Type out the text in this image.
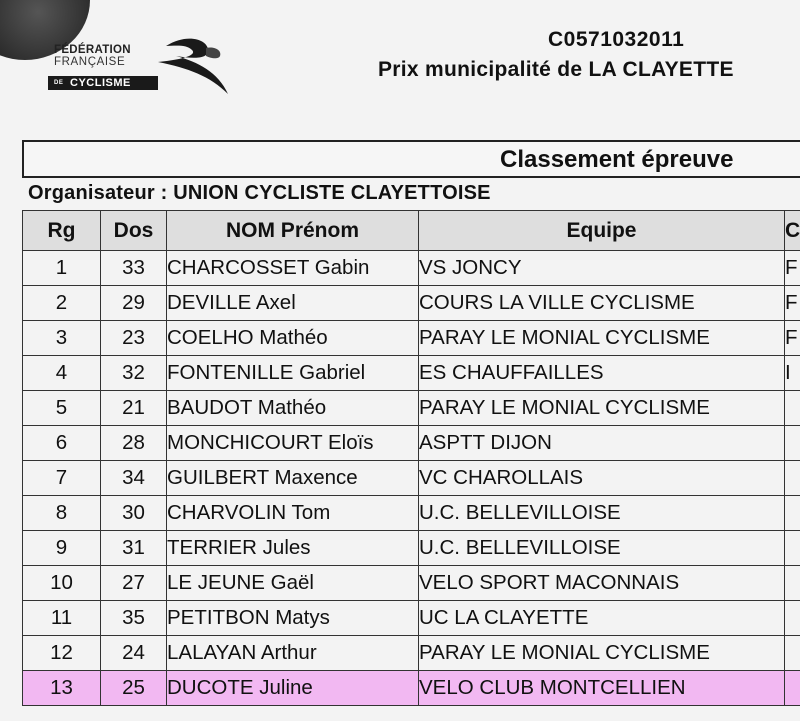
FÉDÉRATION
FRANÇAISE
DE CYCLISME
C0571032011
Prix municipalité de LA CLAYETTE
Classement épreuve
Organisateur : UNION CYCLISTE CLAYETTOISE
Rg	Dos	NOM Prénom	Equipe	C
1	33	CHARCOSSET Gabin	VS JONCY	F
2	29	DEVILLE Axel	COURS LA VILLE CYCLISME	F
3	23	COELHO Mathéo	PARAY LE MONIAL CYCLISME	F
4	32	FONTENILLE Gabriel	ES CHAUFFAILLES	I
5	21	BAUDOT Mathéo	PARAY LE MONIAL CYCLISME	
6	28	MONCHICOURT Eloïs	ASPTT DIJON	
7	34	GUILBERT Maxence	VC CHAROLLAIS	
8	30	CHARVOLIN Tom	U.C. BELLEVILLOISE	
9	31	TERRIER Jules	U.C. BELLEVILLOISE	
10	27	LE JEUNE Gaël	VELO SPORT MACONNAIS	
11	35	PETITBON Matys	UC LA CLAYETTE	
12	24	LALAYAN Arthur	PARAY LE MONIAL CYCLISME	
13	25	DUCOTE Juline	VELO CLUB MONTCELLIEN	
